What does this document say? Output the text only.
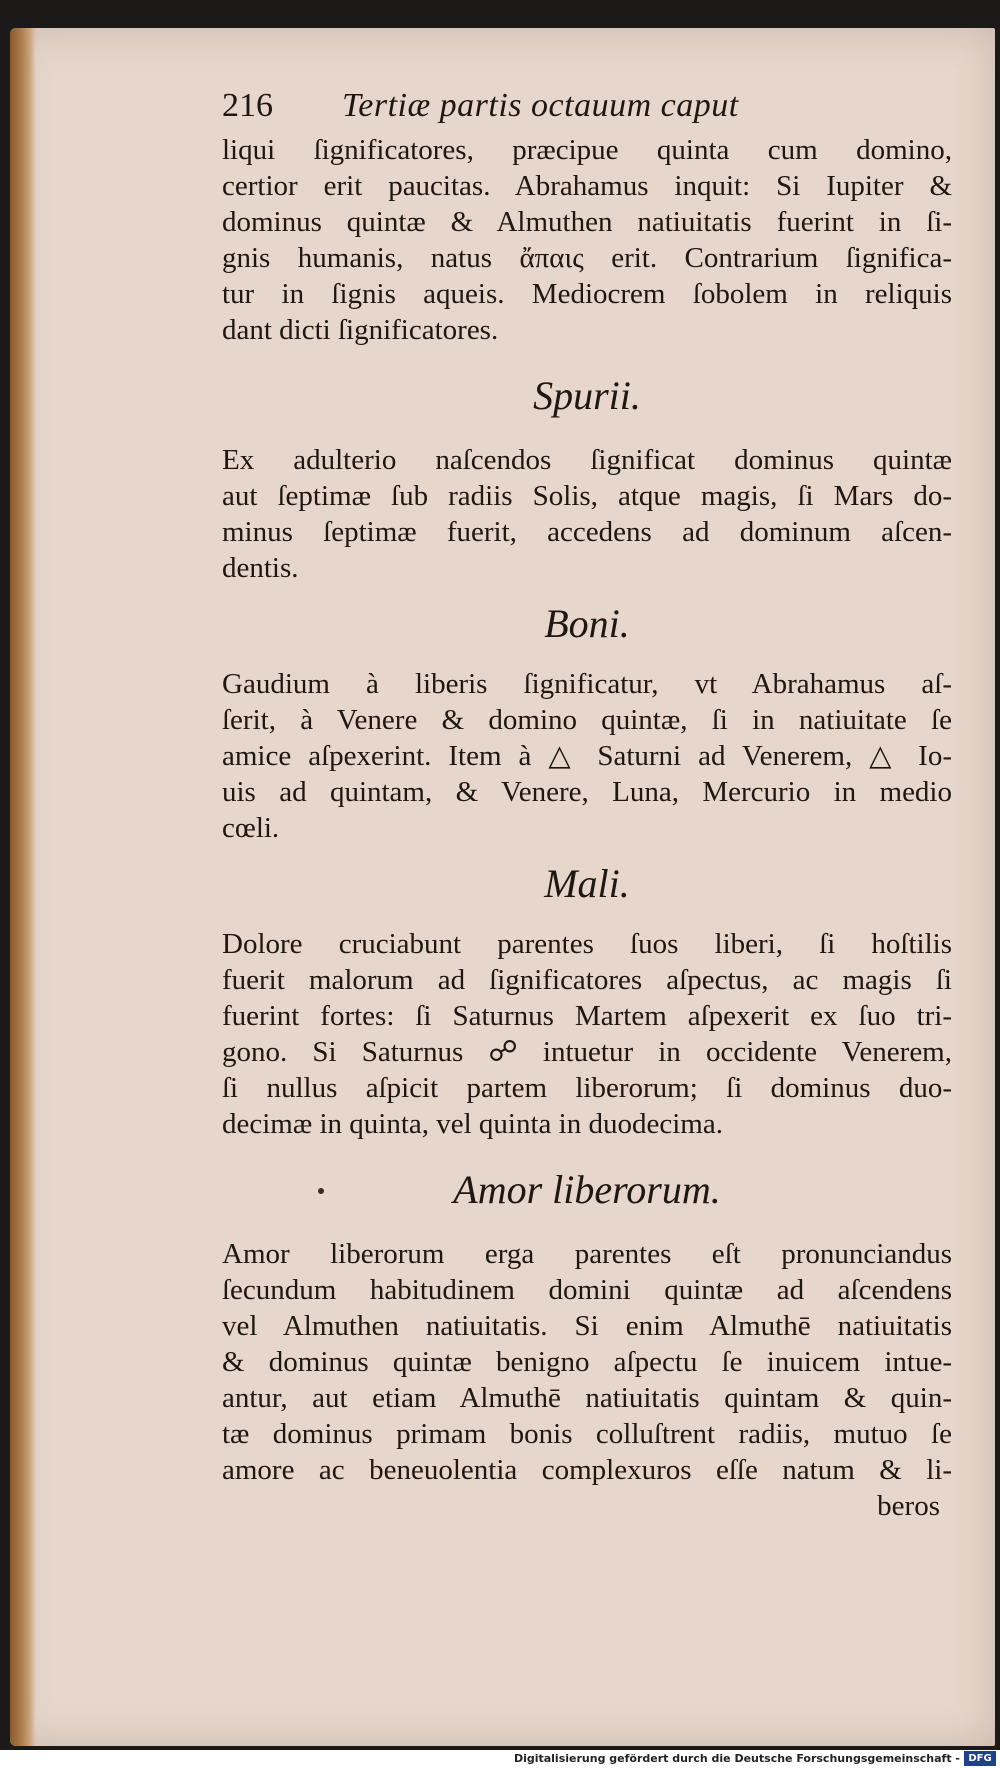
216	Tertiæ partis octauum caput

liqui ſignificatores, præcipue quinta cum domino,
certior erit paucitas. Abrahamus inquit: Si Iupiter &
dominus quintæ & Almuthen natiuitatis fuerint in ſi-
gnis humanis, natus ἄπαις erit. Contrarium ſignifica-
tur in ſignis aqueis. Mediocrem ſobolem in reliquis
dant dicti ſignificatores.

Spurii.

Ex adulterio naſcendos ſignificat dominus quintæ
aut ſeptimæ ſub radiis Solis, atque magis, ſi Mars do-
minus ſeptimæ fuerit, accedens ad dominum aſcen-
dentis.

Boni.

Gaudium à liberis ſignificatur, vt Abrahamus aſ-
ſerit, à Venere & domino quintæ, ſi in natiuitate ſe
amice aſpexerint. Item à △ Saturni ad Venerem, △ Io-
uis ad quintam, & Venere, Luna, Mercurio in medio
cœli.

Mali.

Dolore cruciabunt parentes ſuos liberi, ſi hoſtilis
fuerit malorum ad ſignificatores aſpectus, ac magis ſi
fuerint fortes: ſi Saturnus Martem aſpexerit ex ſuo tri-
gono. Si Saturnus ☍ intuetur in occidente Venerem,
ſi nullus aſpicit partem liberorum; ſi dominus duo-
decimæ in quinta, vel quinta in duodecima.

Amor liberorum.

Amor liberorum erga parentes eſt pronunciandus
ſecundum habitudinem domini quintæ ad aſcendens
vel Almuthen natiuitatis. Si enim Almuthē natiuitatis
& dominus quintæ benigno aſpectu ſe inuicem intue-
antur, aut etiam Almuthē natiuitatis quintam & quin-
tæ dominus primam bonis colluſtrent radiis, mutuo ſe
amore ac beneuolentia complexuros eſſe natum & li-

beros
Digitalisierung gefördert durch die Deutsche Forschungsgemeinschaft - DFG
